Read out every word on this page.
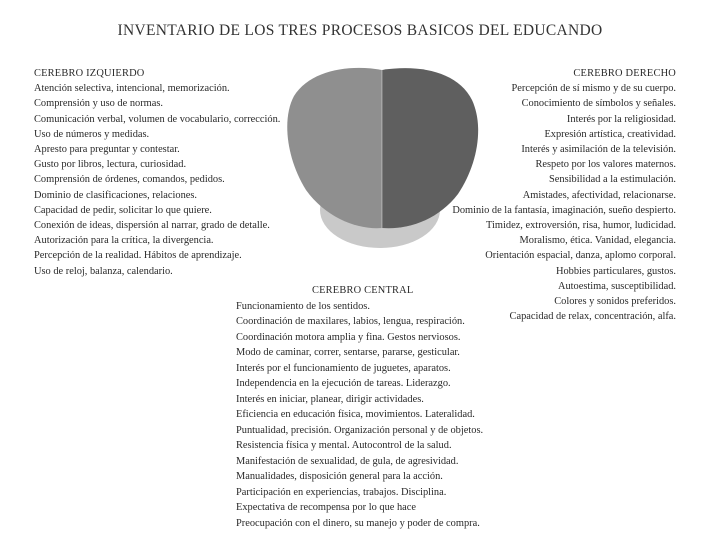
INVENTARIO DE LOS TRES PROCESOS BASICOS DEL EDUCANDO
CEREBRO IZQUIERDO
Atención selectiva, intencional, memorización.
Comprensión y uso de normas.
Comunicación verbal, volumen de vocabulario, corrección.
Uso de números y medidas.
Apresto para preguntar y contestar.
Gusto por libros, lectura, curiosidad.
Comprensión de órdenes, comandos, pedidos.
Dominio de clasificaciones, relaciones.
Capacidad de pedir, solicitar lo que quiere.
Conexión de ideas, dispersión al narrar, grado de detalle.
Autorización para la crítica, la divergencia.
Percepción de la realidad. Hábitos de aprendizaje.
Uso de reloj, balanza, calendario.
CEREBRO DERECHO
Percepción de sí mismo y de su cuerpo.
Conocimiento de símbolos y señales.
Interés por la religiosidad.
Expresión artística, creatividad.
Interés y asimilación de la televisión.
Respeto por los valores maternos.
Sensibilidad a la estimulación.
Amistades, afectividad, relacionarse.
Dominio de la fantasía, imaginación, sueño despierto.
Timidez, extroversión, risa, humor, ludicidad.
Moralismo, ética. Vanidad, elegancia.
Orientación espacial, danza, aplomo corporal.
Hobbies particulares, gustos.
Autoestima, susceptibilidad.
Colores y sonidos preferidos.
Capacidad de relax, concentración, alfa.
CEREBRO CENTRAL
Funcionamiento de los sentidos.
Coordinación de maxilares, labios, lengua, respiración.
Coordinación motora amplia y fina. Gestos nerviosos.
Modo de caminar, correr, sentarse, pararse, gesticular.
Interés por el funcionamiento de juguetes, aparatos.
Independencia en la ejecución de tareas. Liderazgo.
Interés en iniciar, planear, dirigir actividades.
Eficiencia en educación física, movimientos. Lateralidad.
Puntualidad, precisión. Organización personal y de objetos.
Resistencia física y mental. Autocontrol de la salud.
Manifestación de sexualidad, de gula, de agresividad.
Manualidades, disposición general para la acción.
Participación en experiencias, trabajos. Disciplina.
Expectativa de recompensa por lo que hace
Preocupación con el dinero, su manejo y poder de compra.
